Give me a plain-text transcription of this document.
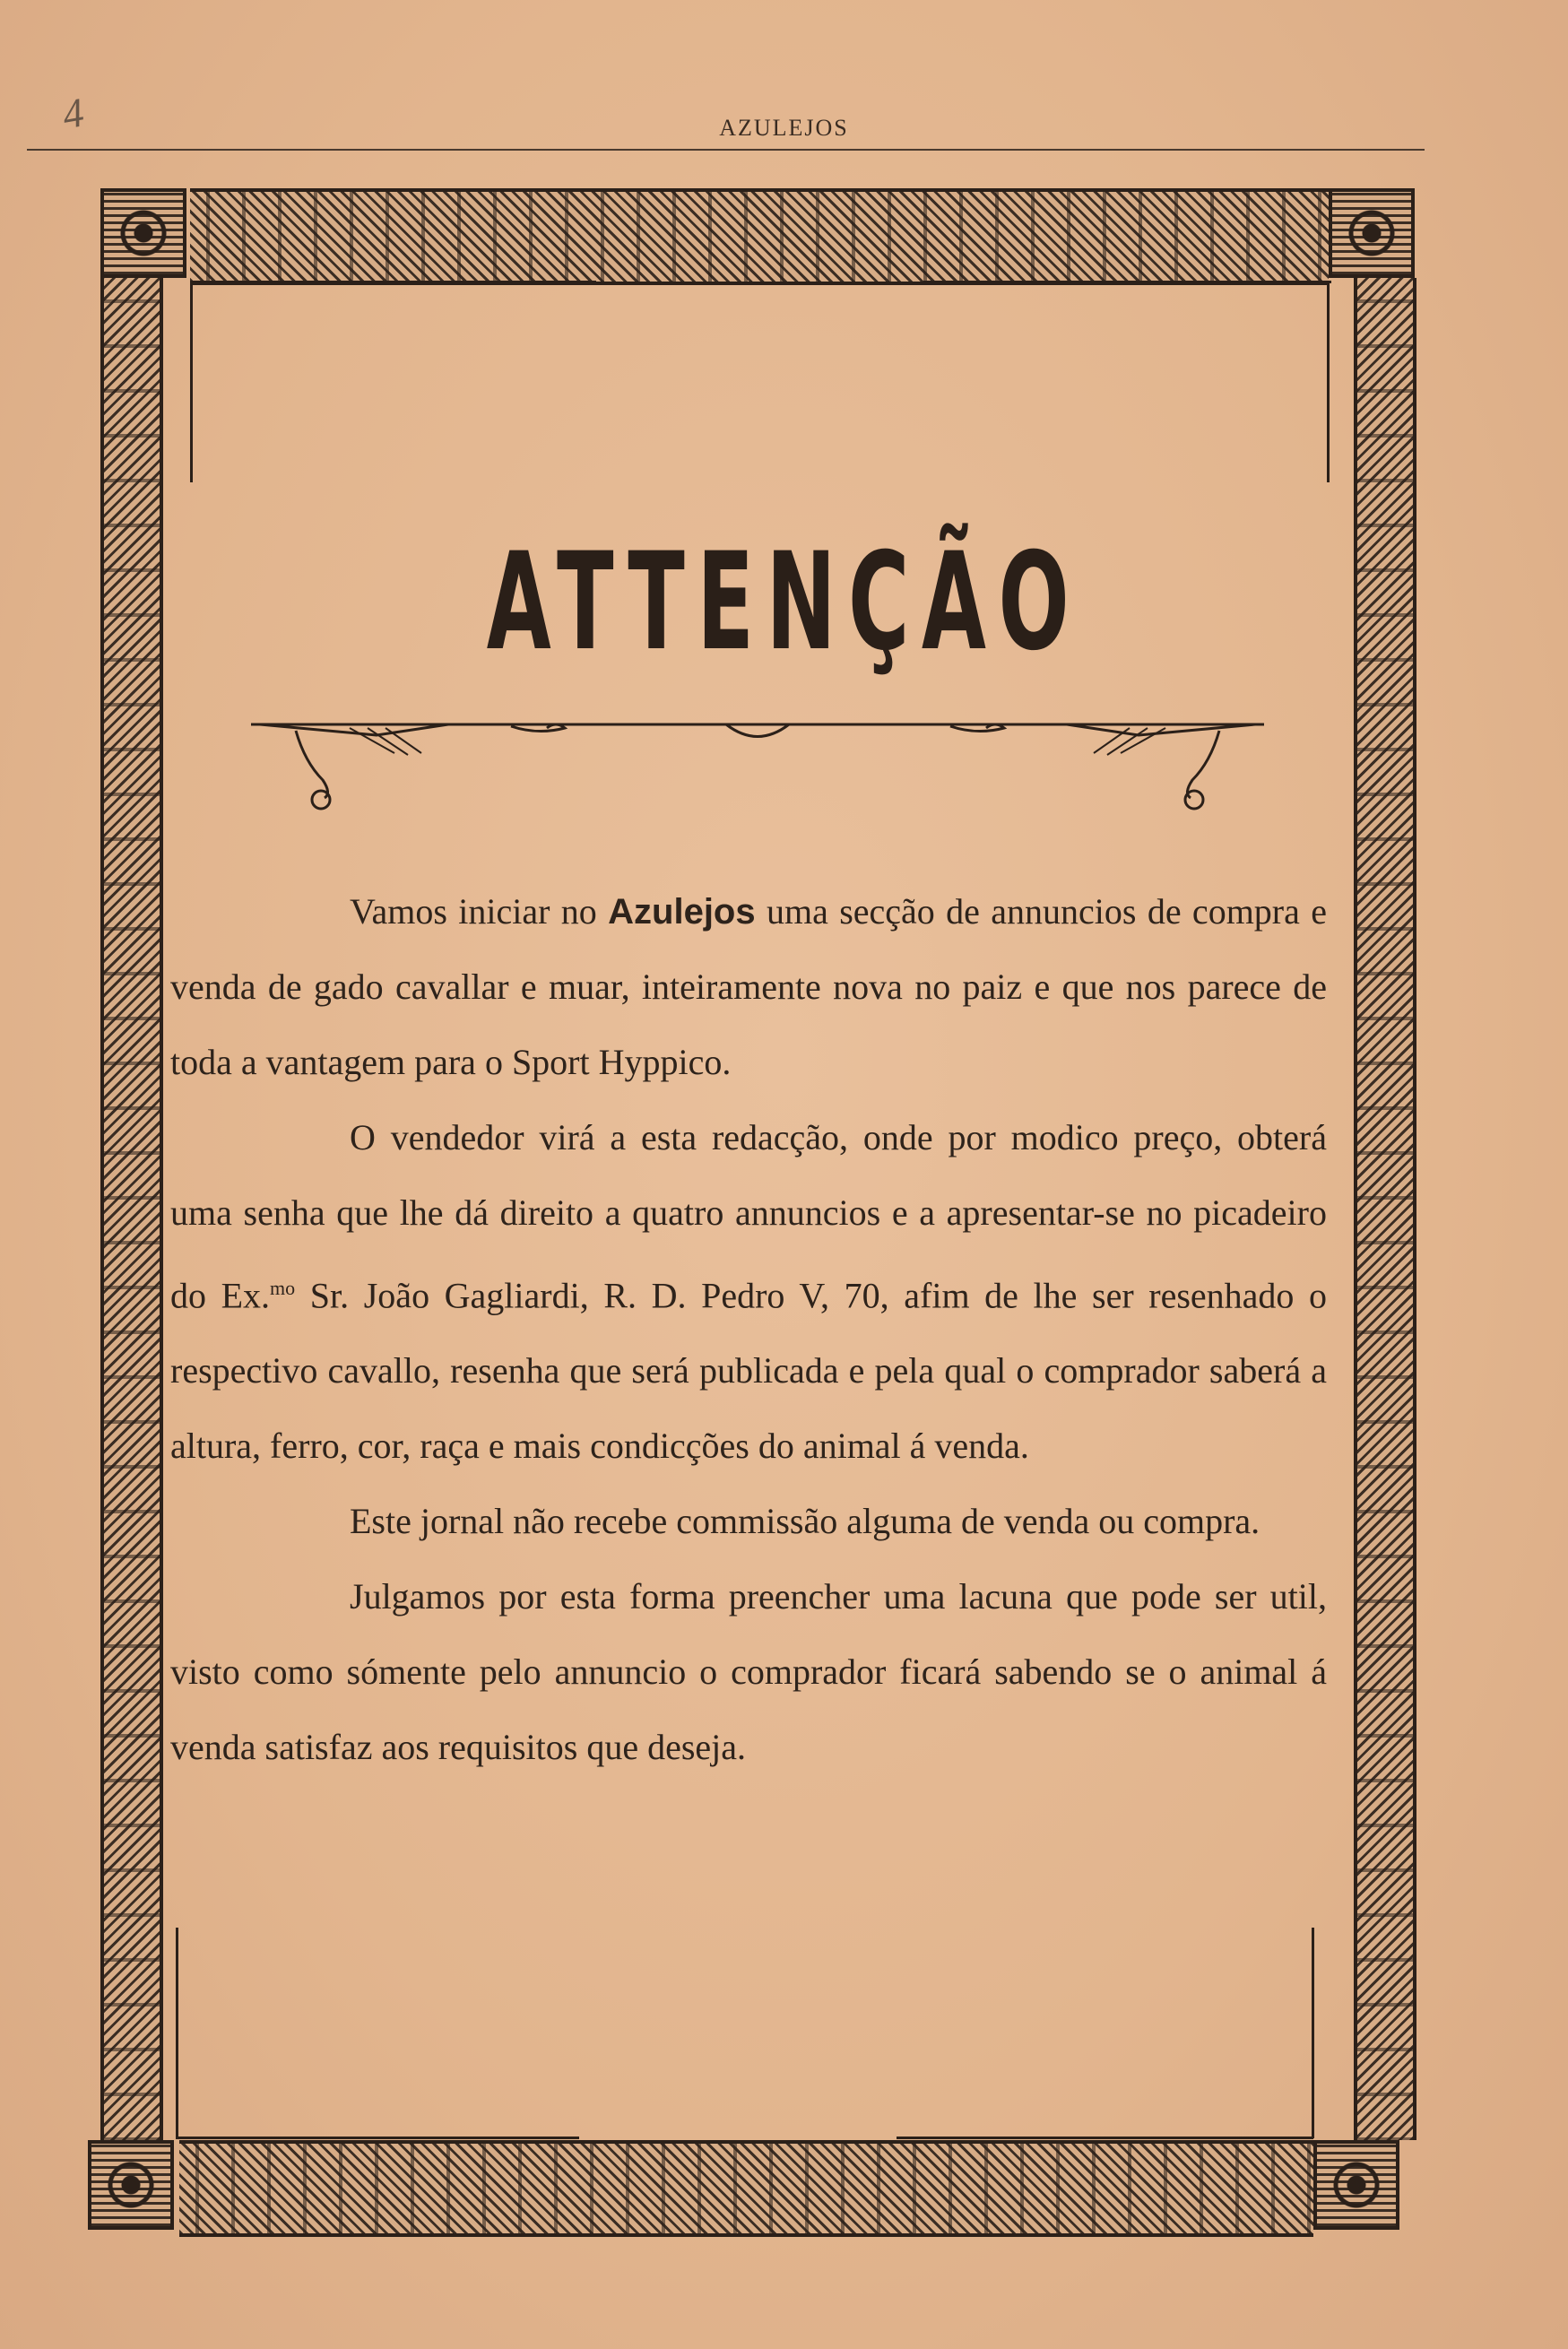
4	AZULEJOS
ATTENÇÃO

Vamos iniciar no Azulejos uma secção de annuncios de compra e venda de gado cavallar e muar, inteiramente nova no paiz e que nos parece de toda a vantagem para o Sport Hyppico.

O vendedor virá a esta redacção, onde por modico preço, obterá uma senha que lhe dá direito a quatro annuncios e a apresentar-se no picadeiro do Ex.$^{mo}$ Sr. João Gagliardi, R. D. Pedro V, 70, afim de lhe ser resenhado o respectivo cavallo, resenha que será publicada e pela qual o comprador saberá a altura, ferro, cor, raça e mais condicções do animal á venda.

Este jornal não recebe commissão alguma de venda ou compra.

Julgamos por esta forma preencher uma lacuna que pode ser util, visto como sómente pelo annuncio o comprador ficará sabendo se o animal á venda satisfaz aos requisitos que deseja.
